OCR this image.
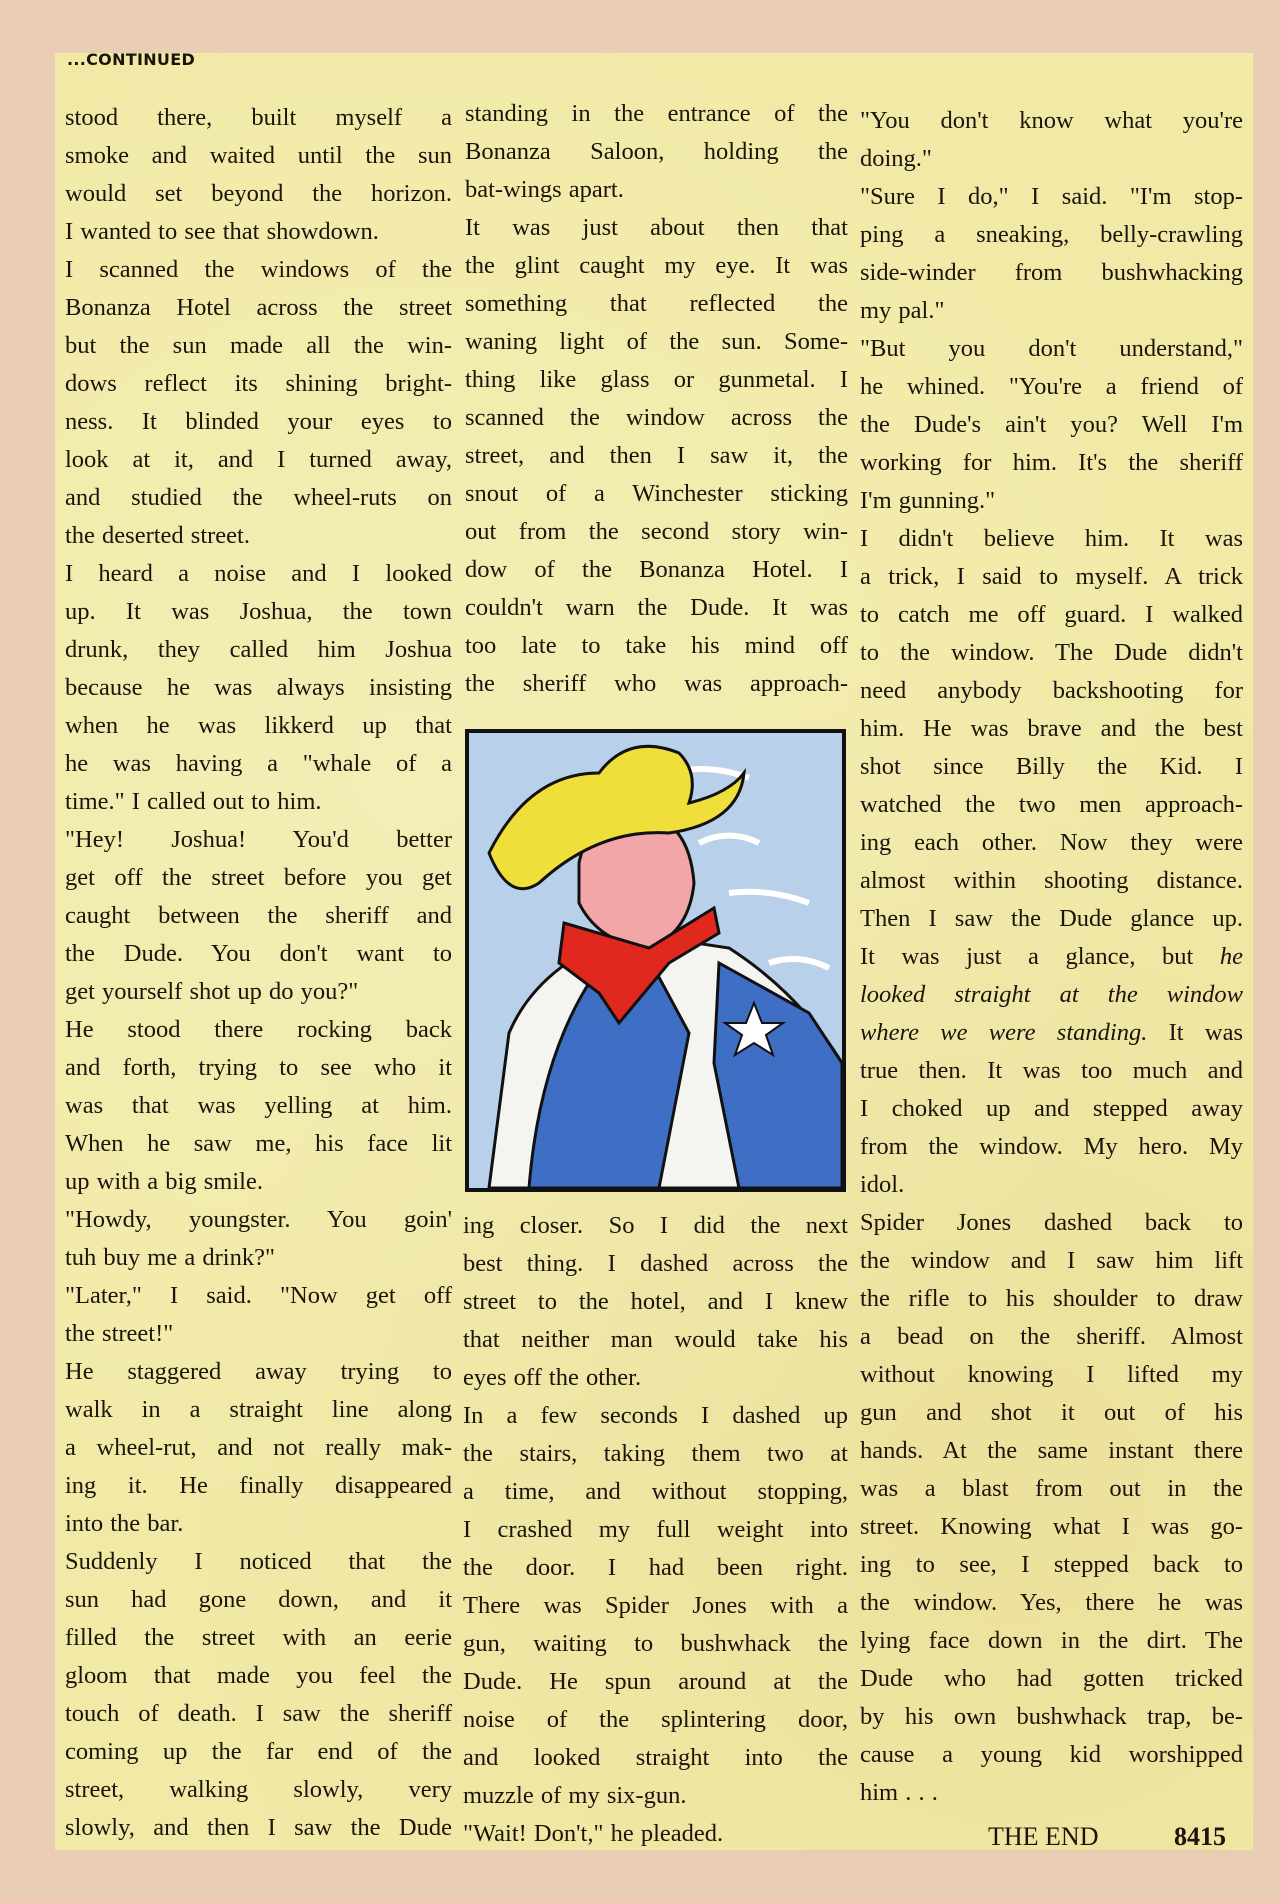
...CONTINUED
stood there, built myself a
smoke and waited until the sun
would set beyond the horizon.
I wanted to see that showdown.
I scanned the windows of the
Bonanza Hotel across the street
but the sun made all the win-
dows reflect its shining bright-
ness. It blinded your eyes to
look at it, and I turned away,
and studied the wheel-ruts on
the deserted street.
I heard a noise and I looked
up. It was Joshua, the town
drunk, they called him Joshua
because he was always insisting
when he was likkerd up that
he was having a "whale of a
time." I called out to him.
"Hey! Joshua! You'd better
get off the street before you get
caught between the sheriff and
the Dude. You don't want to
get yourself shot up do you?"
He stood there rocking back
and forth, trying to see who it
was that was yelling at him.
When he saw me, his face lit
up with a big smile.
"Howdy, youngster. You goin'
tuh buy me a drink?"
"Later," I said. "Now get off
the street!"
He staggered away trying to
walk in a straight line along
a wheel-rut, and not really mak-
ing it. He finally disappeared
into the bar.
Suddenly I noticed that the
sun had gone down, and it
filled the street with an eerie
gloom that made you feel the
touch of death. I saw the sheriff
coming up the far end of the
street, walking slowly, very
slowly, and then I saw the Dude
standing in the entrance of the
Bonanza Saloon, holding the
bat-wings apart.
It was just about then that
the glint caught my eye. It was
something that reflected the
waning light of the sun. Some-
thing like glass or gunmetal. I
scanned the window across the
street, and then I saw it, the
snout of a Winchester sticking
out from the second story win-
dow of the Bonanza Hotel. I
couldn't warn the Dude. It was
too late to take his mind off
the sheriff who was approach-
ing closer. So I did the next
best thing. I dashed across the
street to the hotel, and I knew
that neither man would take his
eyes off the other.
In a few seconds I dashed up
the stairs, taking them two at
a time, and without stopping,
I crashed my full weight into
the door. I had been right.
There was Spider Jones with a
gun, waiting to bushwhack the
Dude. He spun around at the
noise of the splintering door,
and looked straight into the
muzzle of my six-gun.
"Wait! Don't," he pleaded.
"You don't know what you're
doing."
"Sure I do," I said. "I'm stop-
ping a sneaking, belly-crawling
side-winder from bushwhacking
my pal."
"But you don't understand,"
he whined. "You're a friend of
the Dude's ain't you? Well I'm
working for him. It's the sheriff
I'm gunning."
I didn't believe him. It was
a trick, I said to myself. A trick
to catch me off guard. I walked
to the window. The Dude didn't
need anybody backshooting for
him. He was brave and the best
shot since Billy the Kid. I
watched the two men approach-
ing each other. Now they were
almost within shooting distance.
Then I saw the Dude glance up.
It was just a glance, but he
looked straight at the window
where we were standing. It was
true then. It was too much and
I choked up and stepped away
from the window. My hero. My
idol.
Spider Jones dashed back to
the window and I saw him lift
the rifle to his shoulder to draw
a bead on the sheriff. Almost
without knowing I lifted my
gun and shot it out of his
hands. At the same instant there
was a blast from out in the
street. Knowing what I was go-
ing to see, I stepped back to
the window. Yes, there he was
lying face down in the dirt. The
Dude who had gotten tricked
by his own bushwhack trap, be-
cause a young kid worshipped
him . . .
THE END	8415
